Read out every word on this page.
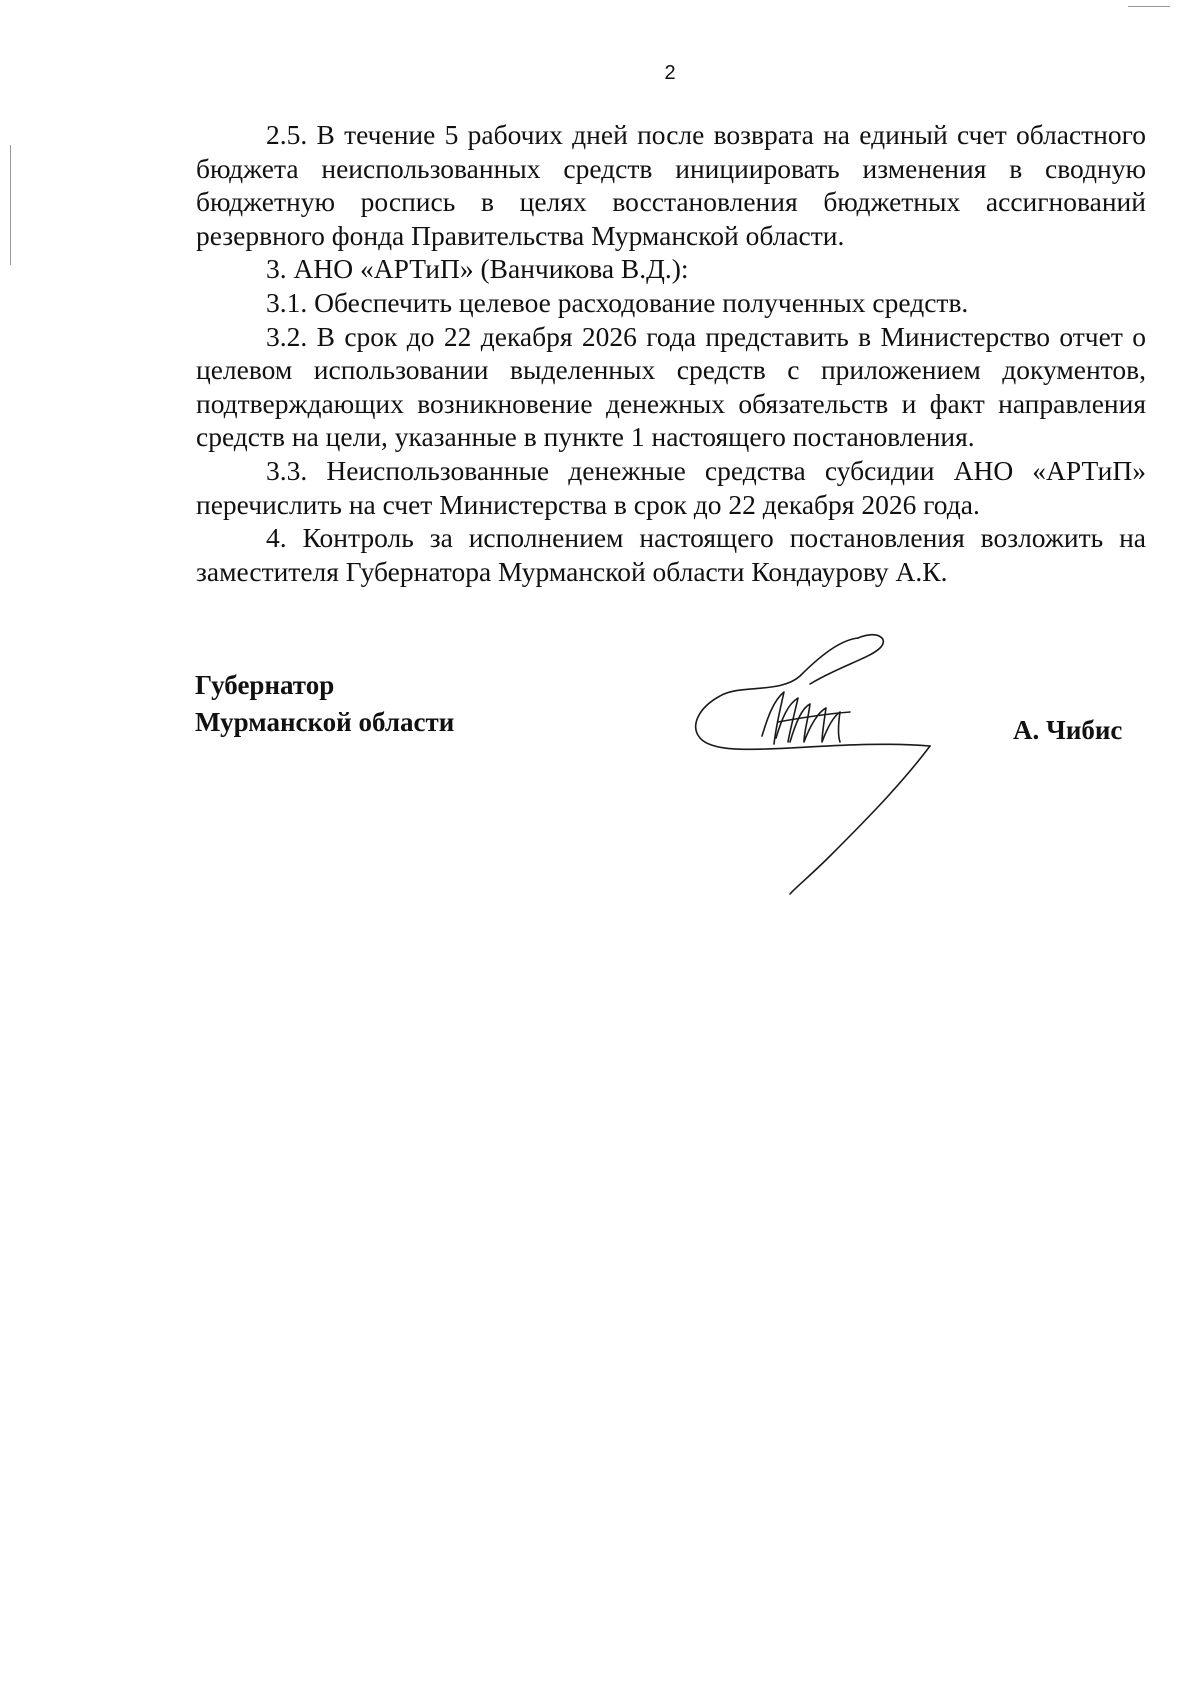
2

2.5. В течение 5 рабочих дней после возврата на единый счет областного бюджета неиспользованных средств инициировать изменения в сводную бюджетную роспись в целях восстановления бюджетных ассигнований резервного фонда Правительства Мурманской области.

3. АНО «АРТиП» (Ванчикова В.Д.):

3.1. Обеспечить целевое расходование полученных средств.

3.2. В срок до 22 декабря 2026 года представить в Министерство отчет о целевом использовании выделенных средств с приложением документов, подтверждающих возникновение денежных обязательств и факт направления средств на цели, указанные в пункте 1 настоящего постановления.

3.3. Неиспользованные денежные средства субсидии АНО «АРТиП» перечислить на счет Министерства в срок до 22 декабря 2026 года.

4. Контроль за исполнением настоящего постановления возложить на заместителя Губернатора Мурманской области Кондаурову А.К.

Губернатор
Мурманской области	А. Чибис
